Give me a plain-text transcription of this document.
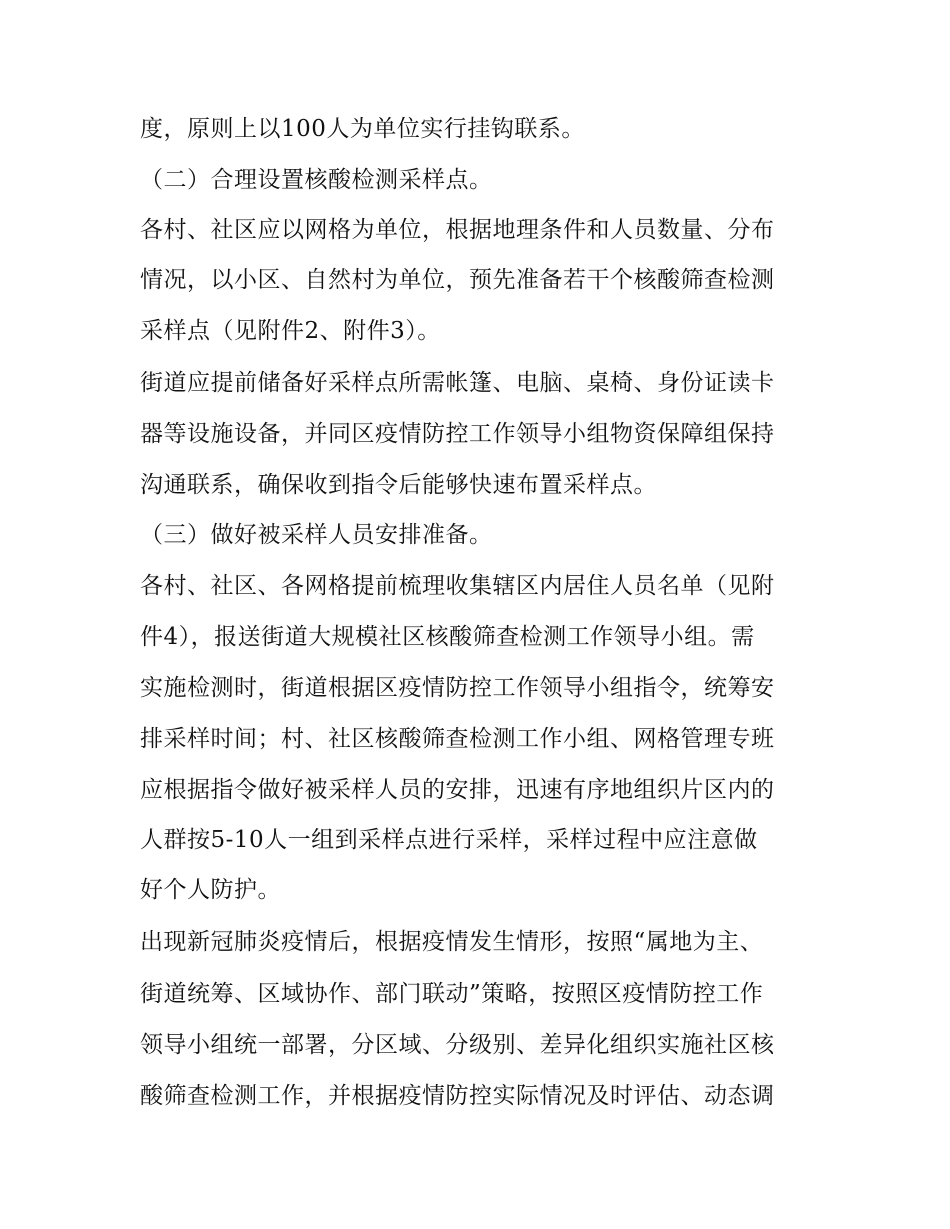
度，原则上以100人为单位实行挂钩联系。
（二）合理设置核酸检测采样点。
各村、社区应以网格为单位，根据地理条件和人员数量、分布
情况，以小区、自然村为单位，预先准备若干个核酸筛查检测
采样点（见附件2、附件3）。
街道应提前储备好采样点所需帐篷、电脑、桌椅、身份证读卡
器等设施设备，并同区疫情防控工作领导小组物资保障组保持
沟通联系，确保收到指令后能够快速布置采样点。
（三）做好被采样人员安排准备。
各村、社区、各网格提前梳理收集辖区内居住人员名单（见附
件4），报送街道大规模社区核酸筛查检测工作领导小组。需
实施检测时，街道根据区疫情防控工作领导小组指令，统筹安
排采样时间；村、社区核酸筛查检测工作小组、网格管理专班
应根据指令做好被采样人员的安排，迅速有序地组织片区内的
人群按5-10人一组到采样点进行采样，采样过程中应注意做
好个人防护。
出现新冠肺炎疫情后，根据疫情发生情形，按照“属地为主、
街道统筹、区域协作、部门联动”策略，按照区疫情防控工作
领导小组统一部署，分区域、分级别、差异化组织实施社区核
酸筛查检测工作，并根据疫情防控实际情况及时评估、动态调
